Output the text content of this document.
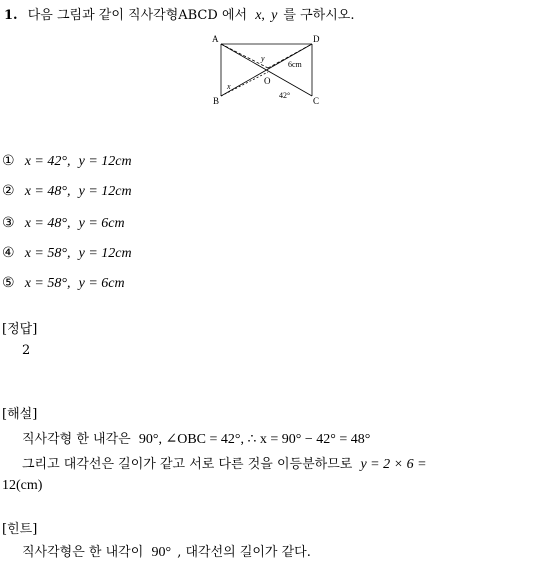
1. 다음 그림과 같이 직사각형ABCD 에서 x, y 를 구하시오.
A	D
B	C
O
x
y
6cm
42°
① x = 42°, y = 12cm
② x = 48°, y = 12cm
③ x = 48°, y = 6cm
④ x = 58°, y = 12cm
⑤ x = 58°, y = 6cm
[정답]
2
[해설]
직사각형 한 내각은 90°, ∠OBC = 42°, ∴ x = 90° − 42° = 48°
그리고 대각선은 길이가 같고 서로 다른 것을 이등분하므로 y = 2 × 6 =
12(cm)
[힌트]
직사각형은 한 내각이 90° , 대각선의 길이가 같다.
